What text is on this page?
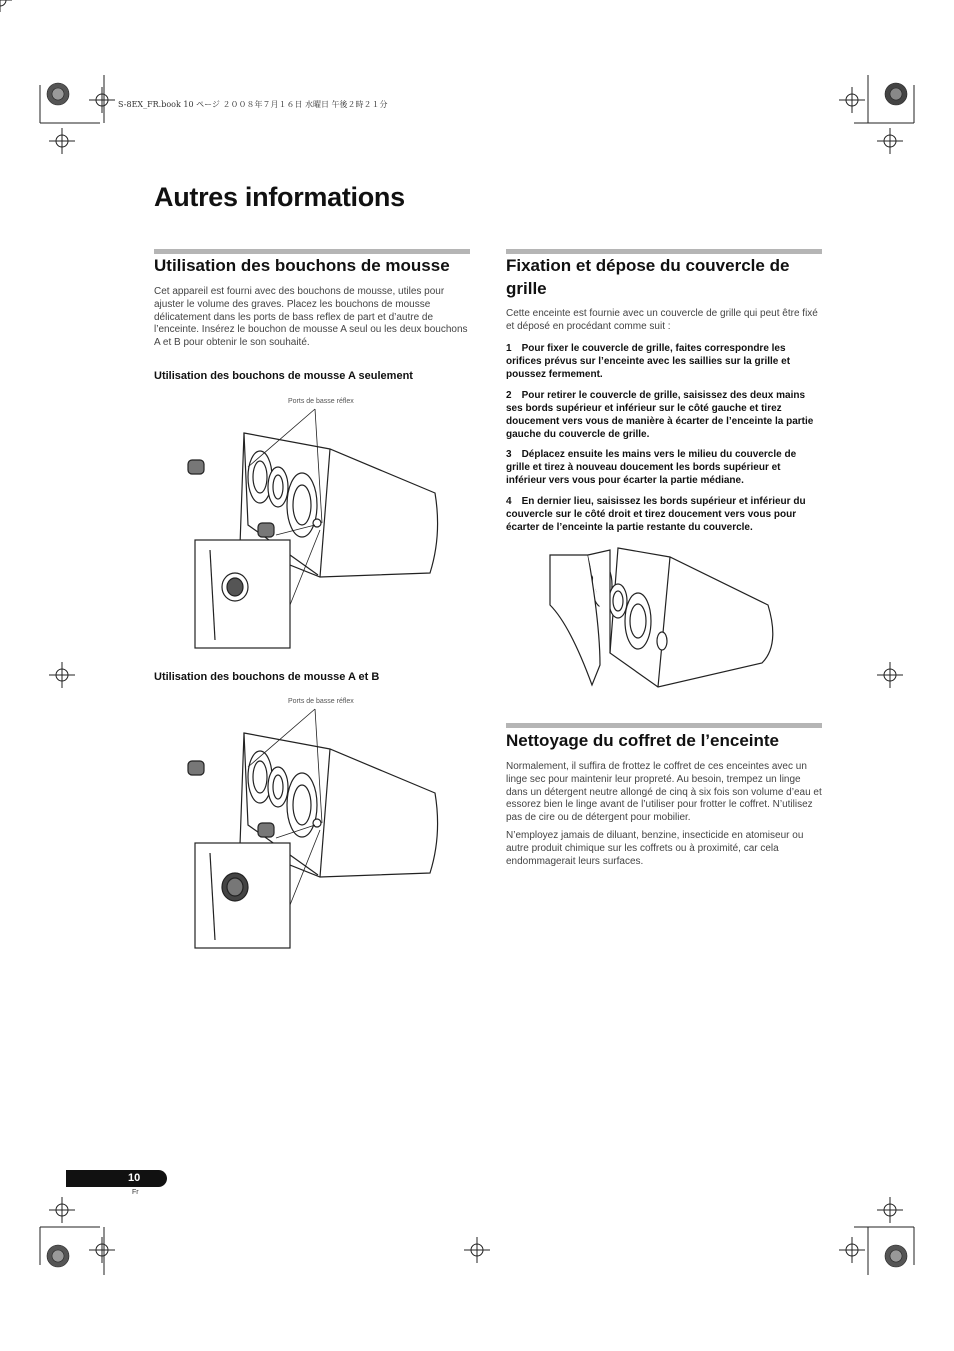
S-8EX_FR.book 10 ページ ２００８年７月１６日 水曜日 午後２時２１分
Autres informations
Utilisation des bouchons de mousse
Cet appareil est fourni avec des bouchons de mousse, utiles pour ajuster le volume des graves. Placez les bouchons de mousse délicatement dans les ports de bass reflex de part et d’autre de l’enceinte. Insérez le bouchon de mousse A seul ou les deux bouchons A et B pour obtenir le son souhaité.
Utilisation des bouchons de mousse A seulement
Ports de basse réflex
Utilisation des bouchons de mousse A et B
Ports de basse réflex
Fixation et dépose du couvercle de grille
Cette enceinte est fournie avec un couvercle de grille qui peut être fixé et déposé en procédant comme suit :
1 Pour fixer le couvercle de grille, faites correspondre les orifices prévus sur l’enceinte avec les saillies sur la grille et poussez fermement.
2 Pour retirer le couvercle de grille, saisissez des deux mains ses bords supérieur et inférieur sur le côté gauche et tirez doucement vers vous de manière à écarter de l’enceinte la partie gauche du couvercle de grille.
3 Déplacez ensuite les mains vers le milieu du couvercle de grille et tirez à nouveau doucement les bords supérieur et inférieur vers vous pour écarter la partie médiane.
4 En dernier lieu, saisissez les bords supérieur et inférieur du couvercle sur le côté droit et tirez doucement vers vous pour écarter de l’enceinte la partie restante du couvercle.
Nettoyage du coffret de l’enceinte
Normalement, il suffira de frottez le coffret de ces enceintes avec un linge sec pour maintenir leur propreté. Au besoin, trempez un linge dans un détergent neutre allongé de cinq à six fois son volume d’eau et essorez bien le linge avant de l’utiliser pour frotter le coffret. N’utilisez pas de cire ou de détergent pour mobilier.
N’employez jamais de diluant, benzine, insecticide en atomiseur ou autre produit chimique sur les coffrets ou à proximité, car cela endommagerait leurs surfaces.
10
Fr
